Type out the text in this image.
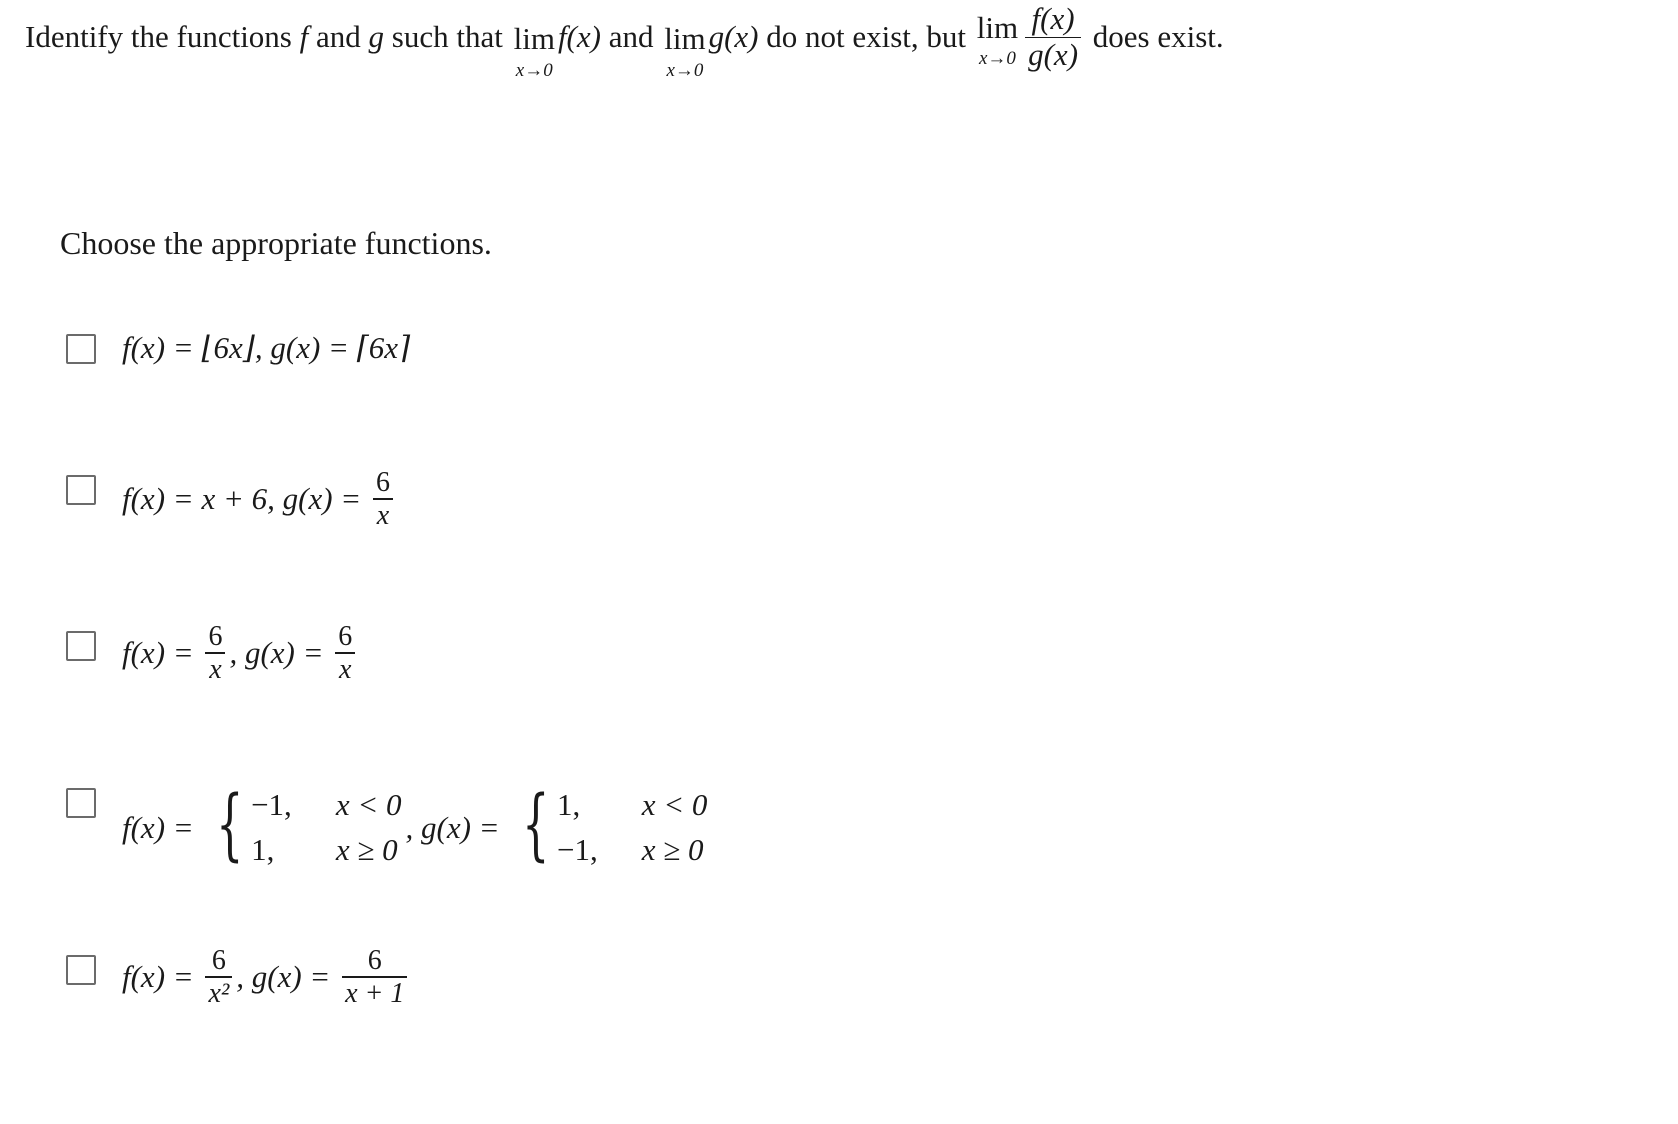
Identify the functions f and g such that lim
x→0
f(x) and lim
x→0
g(x) do not exist, but lim
$x\to 0 \frac{f(x)}{g(x)}$ does exist.
Choose the appropriate functions.
f(x) = ⌊6x⌋, g(x) = ⌈6x⌉
f(x) = x + 6, $g(x) = \frac{6}{x}$
$f(x) = \frac{6}{x}$ , $g(x) = \frac{6}{x}$
f(x) = { −1, x < 0
1,	x ≥ 0
, g(x) = { 1,	x < 0
−1, x ≥ 0
$f(x) = \frac{6}{\text{x²}}$ , $g(x) = \frac{6}{x + 1}$
